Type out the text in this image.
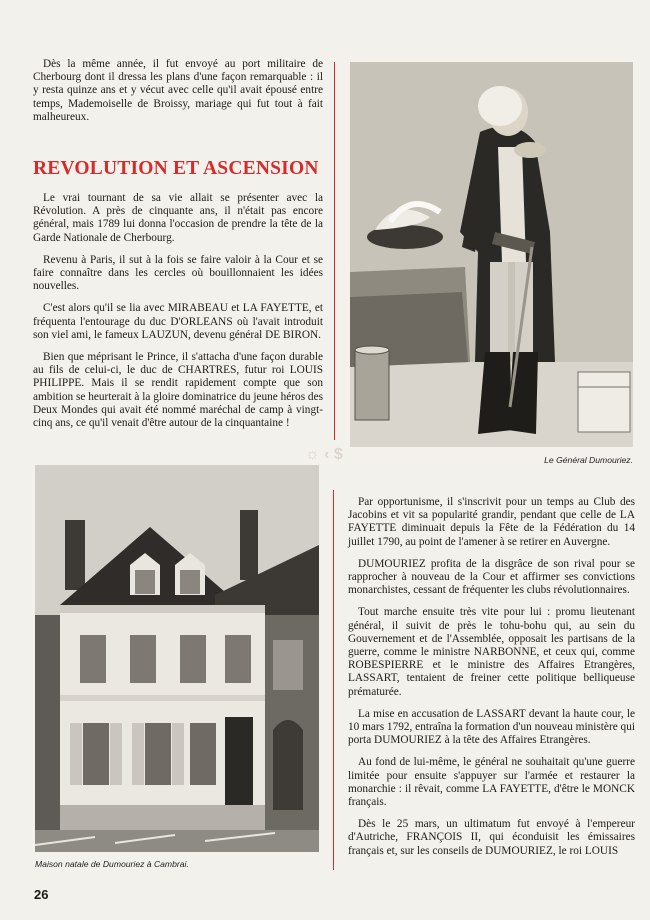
Dès la même année, il fut envoyé au port militaire de Cherbourg dont il dressa les plans d'une façon remarquable : il y resta quinze ans et y vécut avec celle qu'il avait épousé entre temps, Mademoiselle de Broissy, mariage qui fut tout à fait malheureux.

REVOLUTION ET ASCENSION

Le vrai tournant de sa vie allait se présenter avec la Révolution. A près de cinquante ans, il n'était pas encore général, mais 1789 lui donna l'occasion de prendre la tête de la Garde Nationale de Cherbourg.

Revenu à Paris, il sut à la fois se faire valoir à la Cour et se faire connaître dans les cercles où bouillonnaient les idées nouvelles.

C'est alors qu'il se lia avec MIRABEAU et LA FAYETTE, et fréquenta l'entourage du duc D'ORLEANS où l'avait introduit son viel ami, le fameux LAUZUN, devenu général DE BIRON.

Bien que méprisant le Prince, il s'attacha d'une façon durable au fils de celui-ci, le duc de CHARTRES, futur roi LOUIS PHILIPPE. Mais il se rendit rapidement compte que son ambition se heurterait à la gloire dominatrice du jeune héros des Deux Mondes qui avait été nommé maréchal de camp à vingt-cinq ans, ce qu'il venait d'être autour de la cinquantaine !

Le Général Dumouriez.
☼ ‹ $

Par opportunisme, il s'inscrivit pour un temps au Club des Jacobins et vit sa popularité grandir, pendant que celle de LA FAYETTE diminuait depuis la Fête de la Fédération du 14 juillet 1790, au point de l'amener à se retirer en Auvergne.

DUMOURIEZ profita de la disgrâce de son rival pour se rapprocher à nouveau de la Cour et affirmer ses convictions monarchistes, cessant de fréquenter les clubs révolutionnaires.

Tout marche ensuite très vite pour lui : promu lieutenant général, il suivit de près le tohu-bohu qui, au sein du Gouvernement et de l'Assemblée, opposait les partisans de la guerre, comme le ministre NARBONNE, et ceux qui, comme ROBESPIERRE et le ministre des Affaires Etrangères, LASSART, tentaient de freiner cette politique belliqueuse prématurée.

La mise en accusation de LASSART devant la haute cour, le 10 mars 1792, entraîna la formation d'un nouveau ministère qui porta DUMOURIEZ à la tête des Affaires Etrangères.

Au fond de lui-même, le général ne souhaitait qu'une guerre limitée pour ensuite s'appuyer sur l'armée et restaurer la monarchie : il rêvait, comme LA FAYETTE, d'être le MONCK français.

Dès le 25 mars, un ultimatum fut envoyé à l'empereur d'Autriche, FRANÇOIS II, qui éconduisit les émissaires français et, sur les conseils de DUMOURIEZ, le roi LOUIS

Maison natale de Dumouriez à Cambrai.
26
